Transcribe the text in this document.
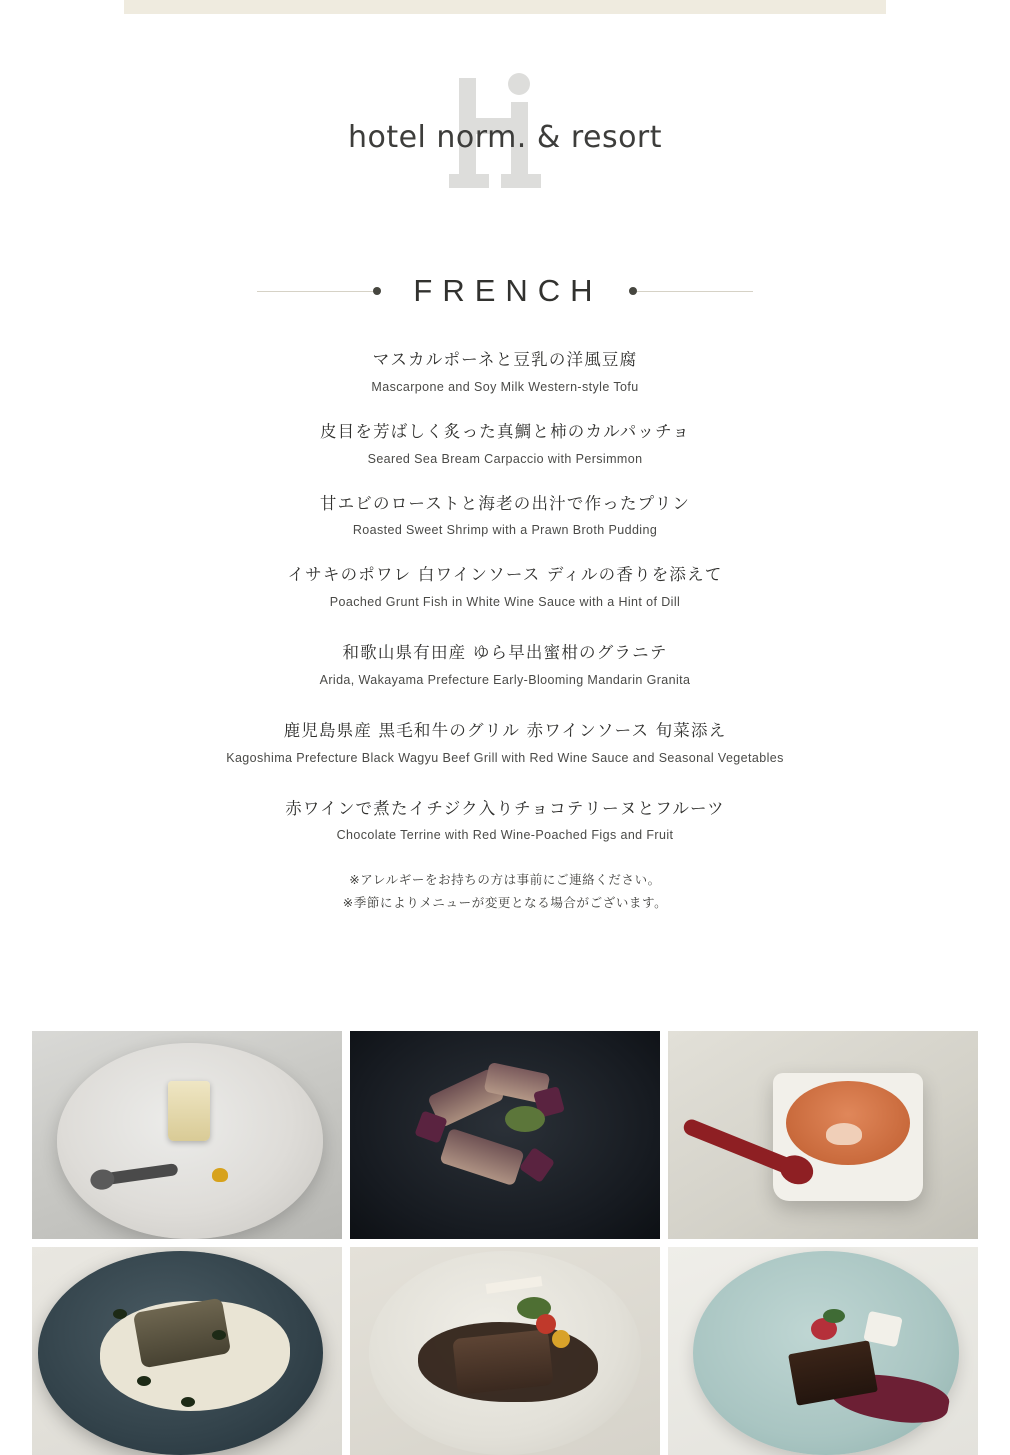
hotel norm. & resort
FRENCH
マスカルポーネと豆乳の洋風豆腐
Mascarpone and Soy Milk Western-style Tofu
皮目を芳ばしく炙った真鯛と柿のカルパッチョ
Seared Sea Bream Carpaccio with Persimmon
甘エビのローストと海老の出汁で作ったプリン
Roasted Sweet Shrimp with a Prawn Broth Pudding
イサキのポワレ 白ワインソース ディルの香りを添えて
Poached Grunt Fish in White Wine Sauce with a Hint of Dill
和歌山県有田産 ゆら早出蜜柑のグラニテ
Arida, Wakayama Prefecture Early-Blooming Mandarin Granita
鹿児島県産 黒毛和牛のグリル 赤ワインソース 旬菜添え
Kagoshima Prefecture Black Wagyu Beef Grill with Red Wine Sauce and Seasonal Vegetables
赤ワインで煮たイチジク入りチョコテリーヌとフルーツ
Chocolate Terrine with Red Wine-Poached Figs and Fruit
※アレルギーをお持ちの方は事前にご連絡ください。
※季節によりメニューが変更となる場合がございます。
